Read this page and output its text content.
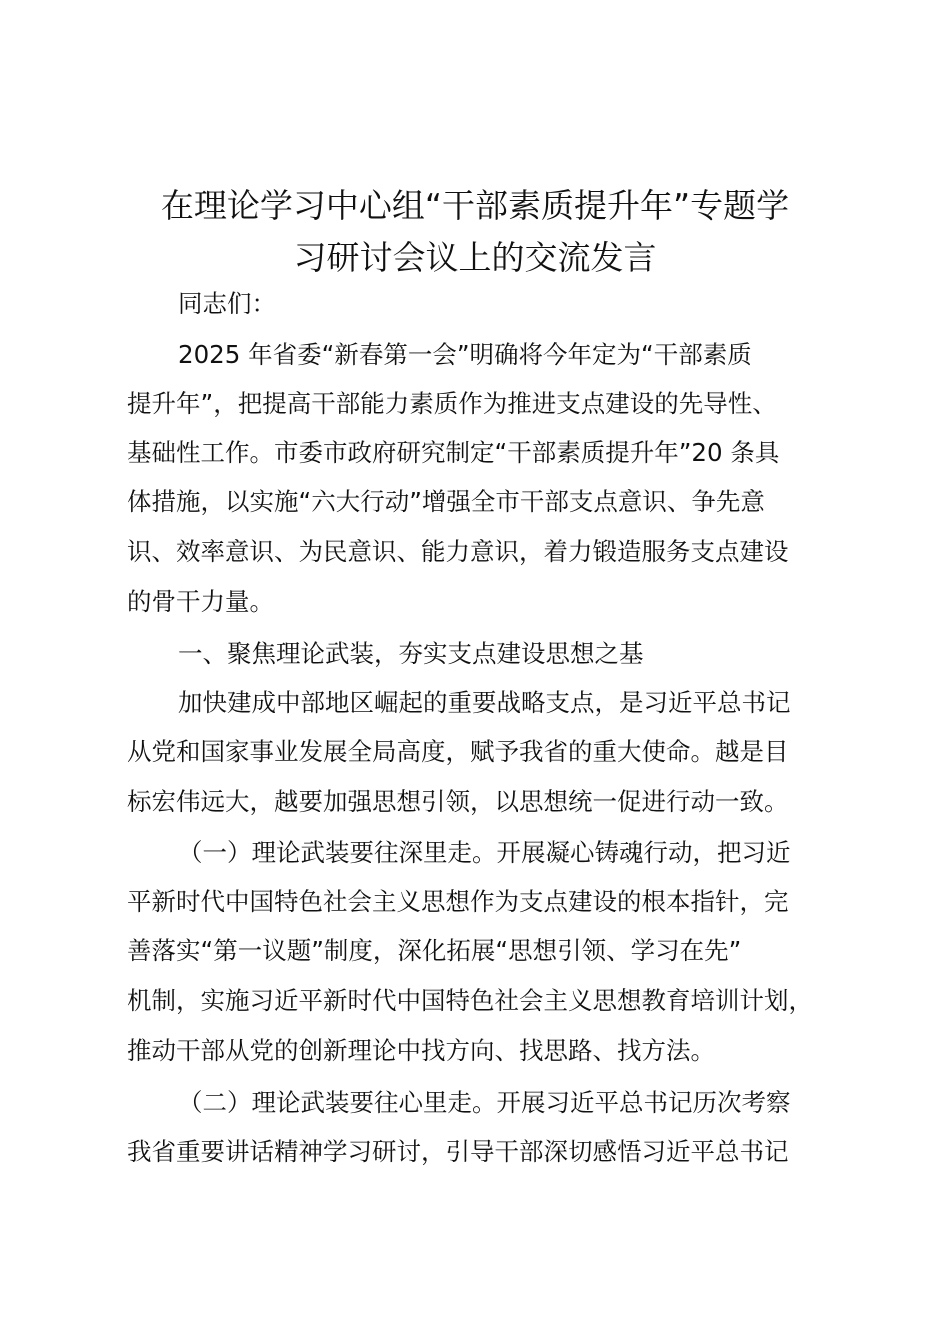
在理论学习中心组“干部素质提升年”专题学
习研讨会议上的交流发言
同志们：
2025 年省委“新春第一会”明确将今年定为“干部素质
提升年”，把提高干部能力素质作为推进支点建设的先导性、
基础性工作。市委市政府研究制定“干部素质提升年”20 条具
体措施，以实施“六大行动”增强全市干部支点意识、争先意
识、效率意识、为民意识、能力意识，着力锻造服务支点建设
的骨干力量。
一、聚焦理论武装，夯实支点建设思想之基
加快建成中部地区崛起的重要战略支点，是习近平总书记
从党和国家事业发展全局高度，赋予我省的重大使命。越是目
标宏伟远大，越要加强思想引领，以思想统一促进行动一致。
（一）理论武装要往深里走。开展凝心铸魂行动，把习近
平新时代中国特色社会主义思想作为支点建设的根本指针，完
善落实“第一议题”制度，深化拓展“思想引领、学习在先”
机制，实施习近平新时代中国特色社会主义思想教育培训计划，
推动干部从党的创新理论中找方向、找思路、找方法。
（二）理论武装要往心里走。开展习近平总书记历次考察
我省重要讲话精神学习研讨，引导干部深切感悟习近平总书记
